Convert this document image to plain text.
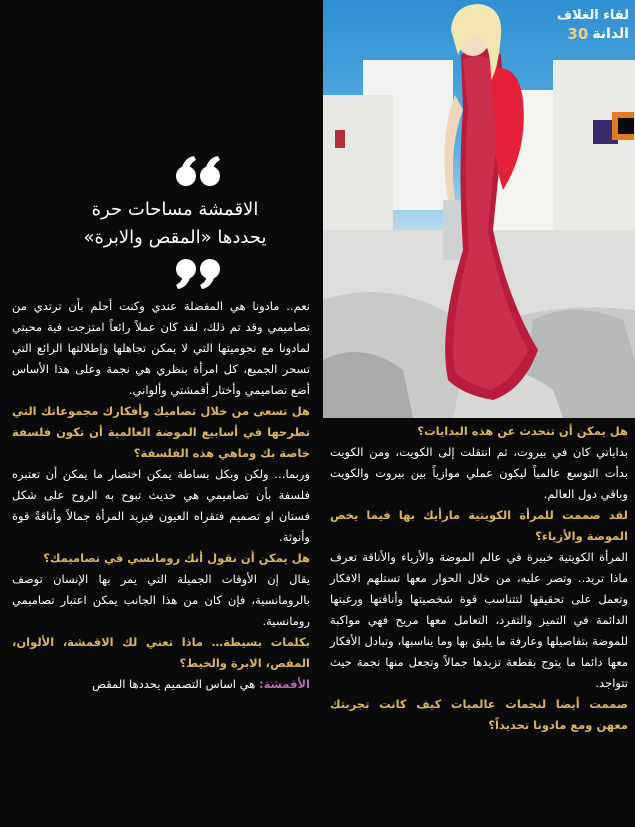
لقاء الغلاف
30 الدانة
الاقمشة مساحات حرة
يحددها «المقص والابرة»
نعم.. مادونا هي المفضلة عندي وكنت أحلم بأن ترتدي من تصاميمي وقد تم ذلك، لقد كان عملاً رائعاً امتزجت فية محبتي لمادونا مع نجوميتها التي لا يمكن تجاهلها وإطلالتها الرائع التي تسحر الجميع، كل امرأة بنظري هي نجمة وعلى هذا الأساس أضع تصاميمي وأختار أقمشتي وألواني.
هل تسعى من خلال تصاميك وأفكارك مجموعاتك التي تطرحها في أسابيع الموضة العالمية أن تكون فلسفة خاصة بك وماهي هذه الفلسفة؟
وربما… ولكن وبكل بساطة يمكن اختصار ما يمكن أن تعتبره فلسفة بأن تصاميمي هي حديث تبوح به الروح على شكل فستان او تصميم فتقراه العيون فيزيد المرأة جمالاً وأناقةً قوة وأنوثة.
هل يمكن أن نقول أنك رومانسي في تصاميمك؟
يقال إن الأوقات الجميلة التي يمر بها الإنسان توصف بالرومانسية، فإن كان من هذا الجانب يمكن اعتبار تصاميمي رومانسية.
بكلمات بسيطة… ماذا تعني لك الاقمشة، الألوان، المقص، الابرة والخيط؟
الأقمشة: هي اساس التصميم يحددها المقص
هل يمكن أن تتحدث عن هذه البدايات؟
بداياتي كان في بيروت، ثم انتقلت إلى الكويت، ومن الكويت بدأت التوسع عالمياً ليكون عملي موازياً بين بيروت والكويت وباقي دول العالم.
لقد صممت للمرأة الكويتية مارأيك بها فيما يخص الموضة والأزياء؟
المرأة الكويتية خبيرة في عالم الموضة والأزياء والأناقة تعرف ماذا تريد.. وتصر عليه، من خلال الحوار معها تستلهم الافكار وتعمل على تحقيقها لتتناسب قوة شخصيتها وأناقتها ورغبتها الدائمة في التميز والتفرد، التعامل معها مريح فهي مواكبة للموضة بتفاصيلها وعارفة ما يليق بها وما يناسبها، وتبادل الأفكار معها دائما ما يتوج بقطعة تزيدها جمالاً وتجعل منها نجمة حيث تتواجد.
صممت أيضا لنجمات عالميات كيف كانت تجربتك معهن ومع مادونا تحديداً؟
